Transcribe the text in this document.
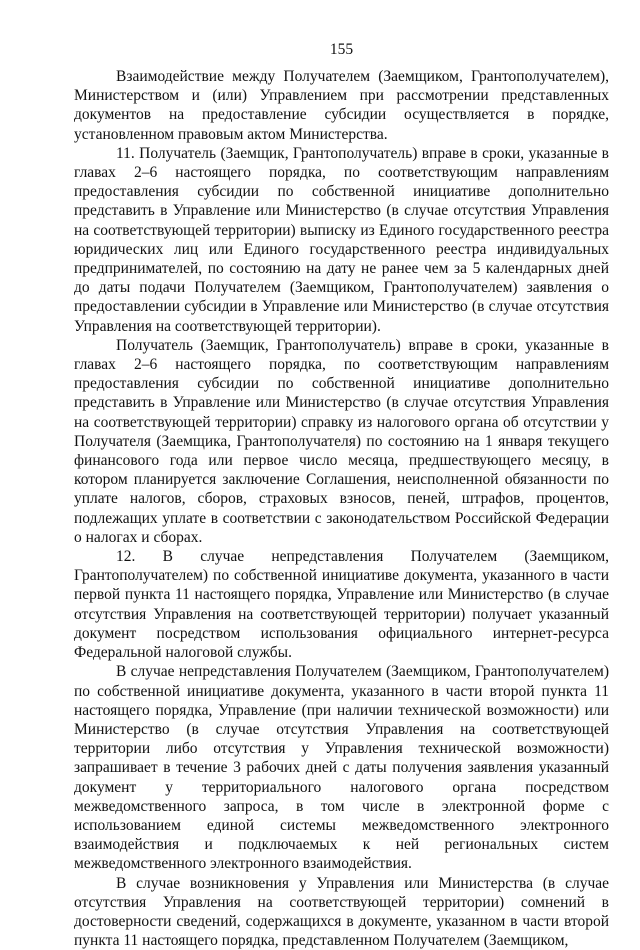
155

Взаимодействие между Получателем (Заемщиком, Грантополучателем), Министерством и (или) Управлением при рассмотрении представленных документов на предоставление субсидии осуществляется в порядке, установленном правовым актом Министерства.

11. Получатель (Заемщик, Грантополучатель) вправе в сроки, указанные в главах 2–6 настоящего порядка, по соответствующим направлениям предоставления субсидии по собственной инициативе дополнительно представить в Управление или Министерство (в случае отсутствия Управления на соответствующей территории) выписку из Единого государственного реестра юридических лиц или Единого государственного реестра индивидуальных предпринимателей, по состоянию на дату не ранее чем за 5 календарных дней до даты подачи Получателем (Заемщиком, Грантополучателем) заявления о предоставлении субсидии в Управление или Министерство (в случае отсутствия Управления на соответствующей территории).

Получатель (Заемщик, Грантополучатель) вправе в сроки, указанные в главах 2–6 настоящего порядка, по соответствующим направлениям предоставления субсидии по собственной инициативе дополнительно представить в Управление или Министерство (в случае отсутствия Управления на соответствующей территории) справку из налогового органа об отсутствии у Получателя (Заемщика, Грантополучателя) по состоянию на 1 января текущего финансового года или первое число месяца, предшествующего месяцу, в котором планируется заключение Соглашения, неисполненной обязанности по уплате налогов, сборов, страховых взносов, пеней, штрафов, процентов, подлежащих уплате в соответствии с законодательством Российской Федерации о налогах и сборах.

12. В случае непредставления Получателем (Заемщиком, Грантополучателем) по собственной инициативе документа, указанного в части первой пункта 11 настоящего порядка, Управление или Министерство (в случае отсутствия Управления на соответствующей территории) получает указанный документ посредством использования официального интернет-ресурса Федеральной налоговой службы.

В случае непредставления Получателем (Заемщиком, Грантополучателем) по собственной инициативе документа, указанного в части второй пункта 11 настоящего порядка, Управление (при наличии технической возможности) или Министерство (в случае отсутствия Управления на соответствующей территории либо отсутствия у Управления технической возможности) запрашивает в течение 3 рабочих дней с даты получения заявления указанный документ у территориального налогового органа посредством межведомственного запроса, в том числе в электронной форме с использованием единой системы межведомственного электронного взаимодействия и подключаемых к ней региональных систем межведомственного электронного взаимодействия.

В случае возникновения у Управления или Министерства (в случае отсутствия Управления на соответствующей территории) сомнений в достоверности сведений, содержащихся в документе, указанном в части второй пункта 11 настоящего порядка, представленном Получателем (Заемщиком,
